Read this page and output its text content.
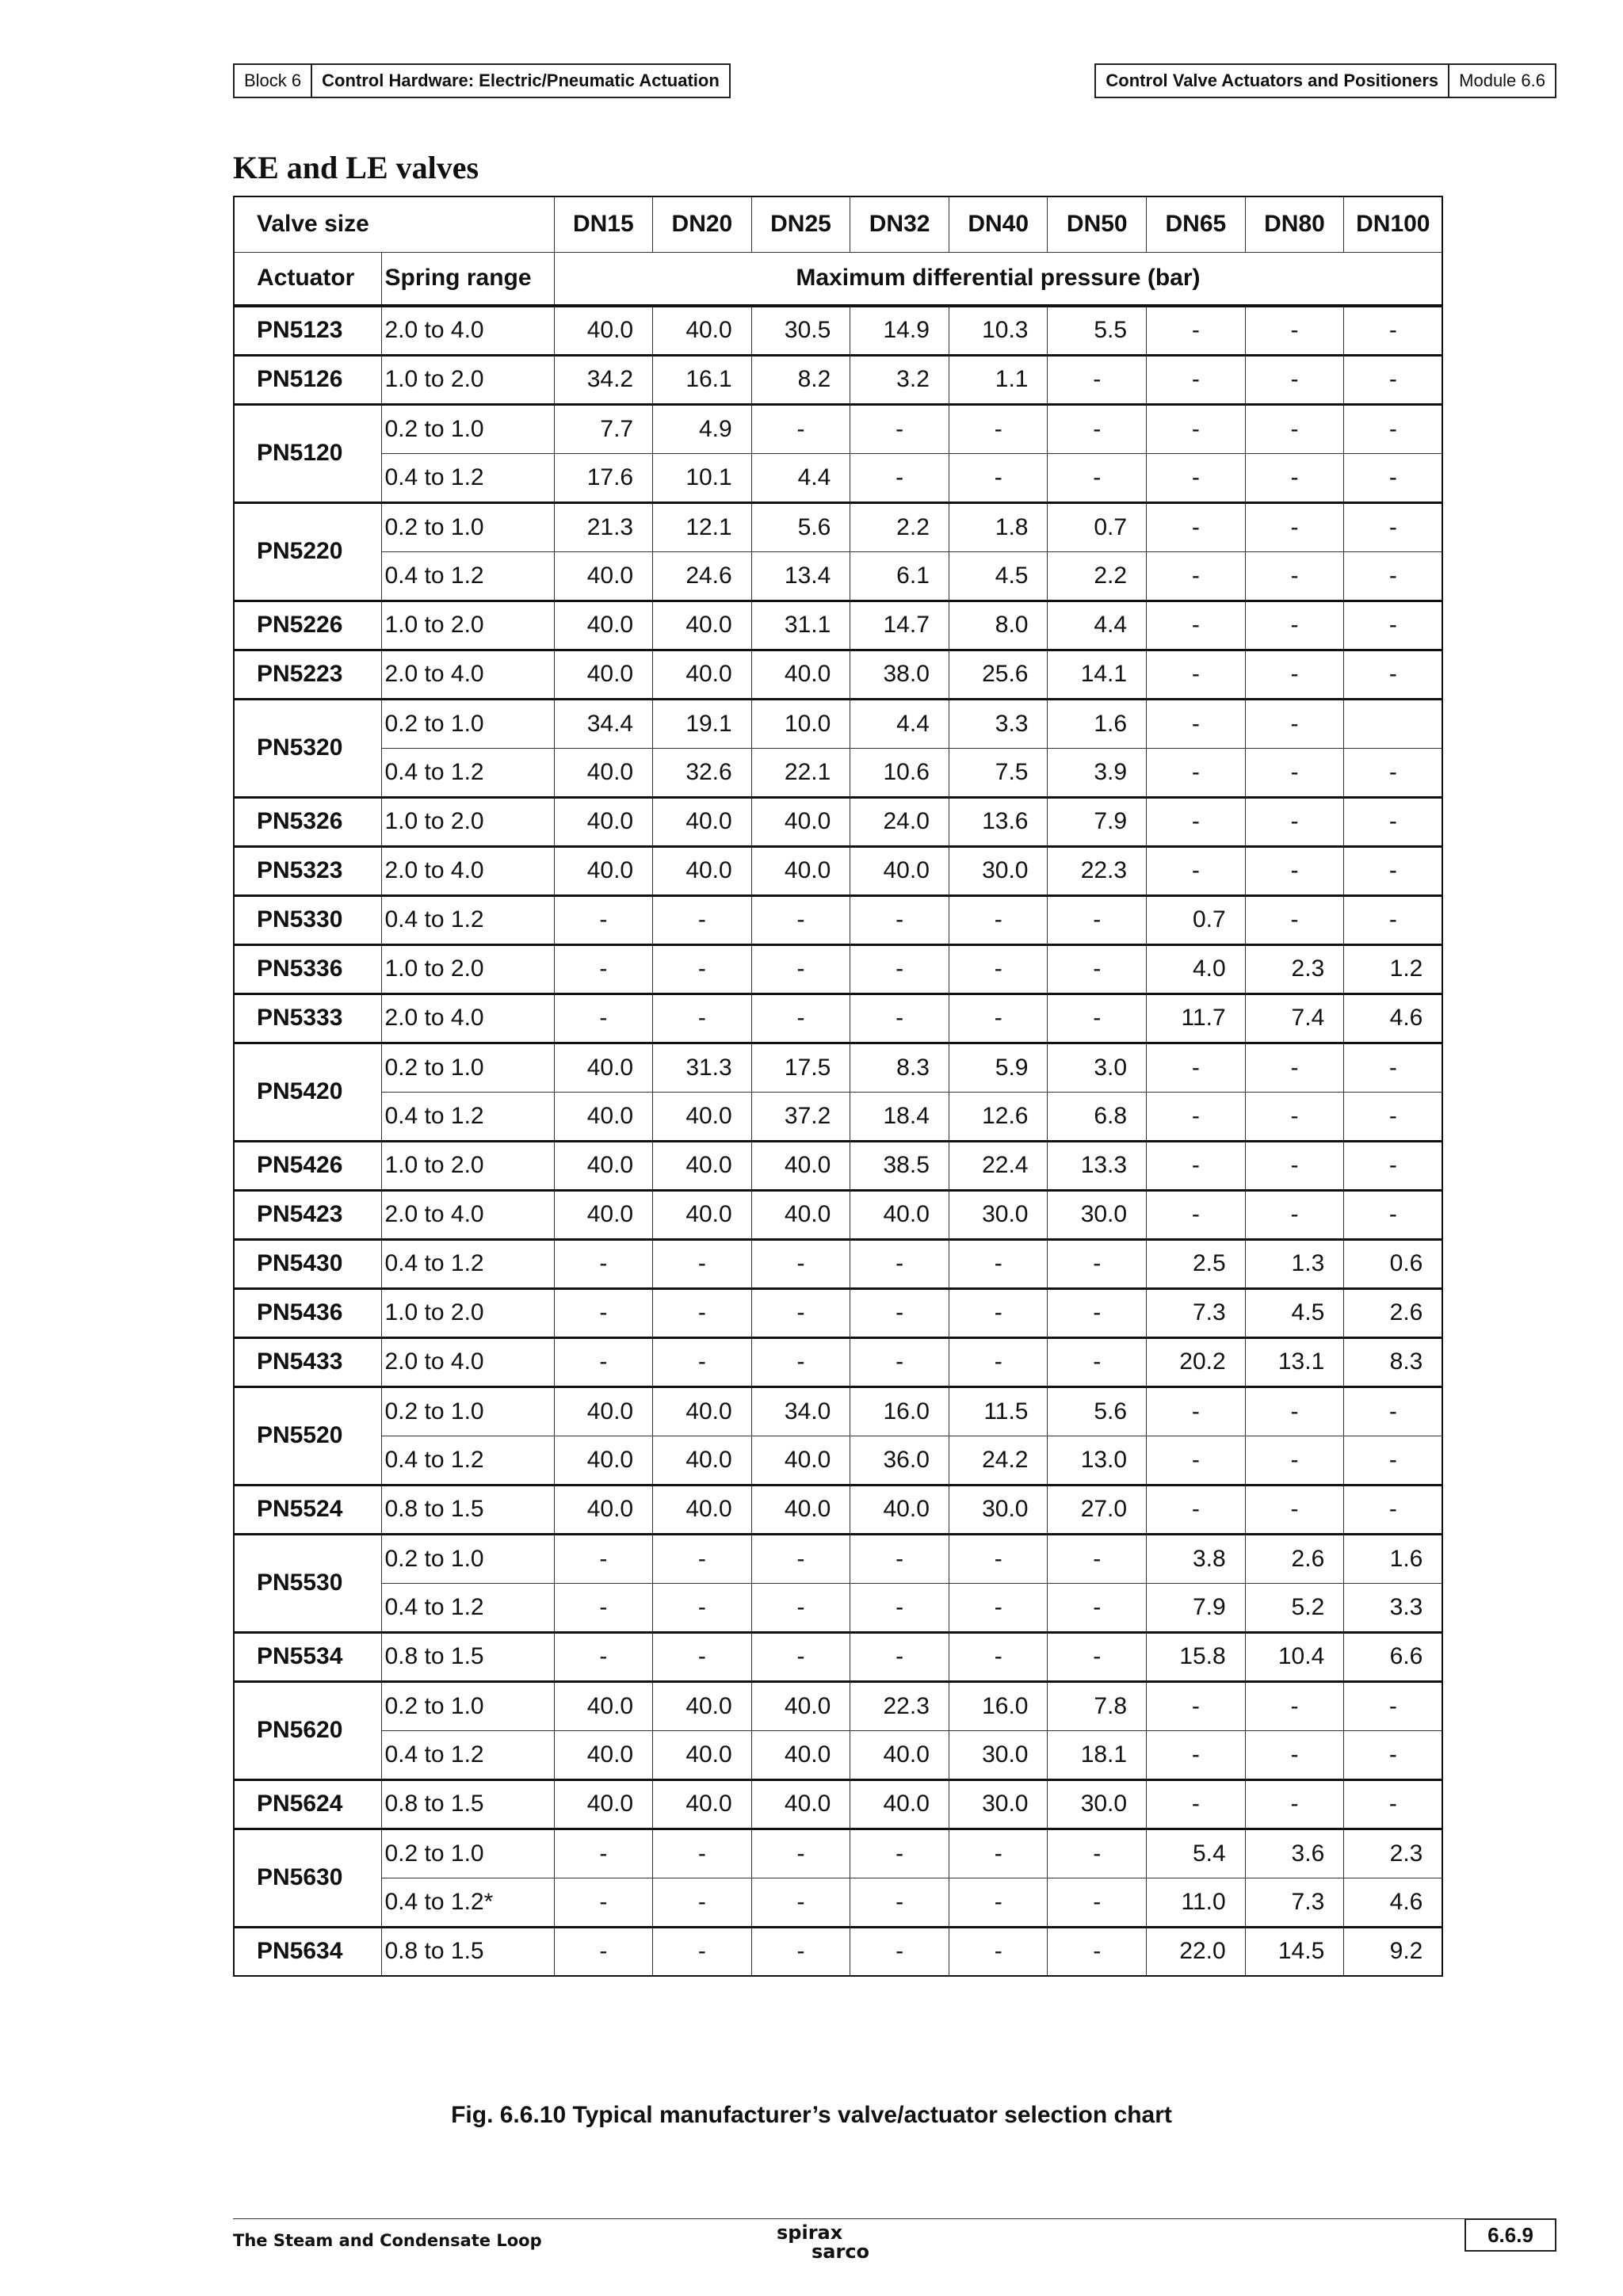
Block 6	Control Hardware: Electric/Pneumatic Actuation	Control Valve Actuators and Positioners	Module 6.6
KE and LE valves
Valve size		DN15	DN20	DN25	DN32	DN40	DN50	DN65	DN80	DN100
Actuator	Spring range	Maximum differential pressure (bar)								
PN5123	2.0 to 4.0	40.0	40.0	30.5	14.9	10.3	5.5	-	-	-
PN5126	1.0 to 2.0	34.2	16.1	8.2	3.2	1.1	-	-	-	-
PN5120	0.2 to 1.0	7.7	4.9	-	-	-	-	-	-	-
	0.4 to 1.2	17.6	10.1	4.4	-	-	-	-	-	-
PN5220	0.2 to 1.0	21.3	12.1	5.6	2.2	1.8	0.7	-	-	-
	0.4 to 1.2	40.0	24.6	13.4	6.1	4.5	2.2	-	-	-
PN5226	1.0 to 2.0	40.0	40.0	31.1	14.7	8.0	4.4	-	-	-
PN5223	2.0 to 4.0	40.0	40.0	40.0	38.0	25.6	14.1	-	-	-
PN5320	0.2 to 1.0	34.4	19.1	10.0	4.4	3.3	1.6	-	-	
	0.4 to 1.2	40.0	32.6	22.1	10.6	7.5	3.9	-	-	-
PN5326	1.0 to 2.0	40.0	40.0	40.0	24.0	13.6	7.9	-	-	-
PN5323	2.0 to 4.0	40.0	40.0	40.0	40.0	30.0	22.3	-	-	-
PN5330	0.4 to 1.2	-	-	-	-	-	-	0.7	-	-
PN5336	1.0 to 2.0	-	-	-	-	-	-	4.0	2.3	1.2
PN5333	2.0 to 4.0	-	-	-	-	-	-	11.7	7.4	4.6
PN5420	0.2 to 1.0	40.0	31.3	17.5	8.3	5.9	3.0	-	-	-
	0.4 to 1.2	40.0	40.0	37.2	18.4	12.6	6.8	-	-	-
PN5426	1.0 to 2.0	40.0	40.0	40.0	38.5	22.4	13.3	-	-	-
PN5423	2.0 to 4.0	40.0	40.0	40.0	40.0	30.0	30.0	-	-	-
PN5430	0.4 to 1.2	-	-	-	-	-	-	2.5	1.3	0.6
PN5436	1.0 to 2.0	-	-	-	-	-	-	7.3	4.5	2.6
PN5433	2.0 to 4.0	-	-	-	-	-	-	20.2	13.1	8.3
PN5520	0.2 to 1.0	40.0	40.0	34.0	16.0	11.5	5.6	-	-	-
	0.4 to 1.2	40.0	40.0	40.0	36.0	24.2	13.0	-	-	-
PN5524	0.8 to 1.5	40.0	40.0	40.0	40.0	30.0	27.0	-	-	-
PN5530	0.2 to 1.0	-	-	-	-	-	-	3.8	2.6	1.6
	0.4 to 1.2	-	-	-	-	-	-	7.9	5.2	3.3
PN5534	0.8 to 1.5	-	-	-	-	-	-	15.8	10.4	6.6
PN5620	0.2 to 1.0	40.0	40.0	40.0	22.3	16.0	7.8	-	-	-
	0.4 to 1.2	40.0	40.0	40.0	40.0	30.0	18.1	-	-	-
PN5624	0.8 to 1.5	40.0	40.0	40.0	40.0	30.0	30.0	-	-	-
PN5630	0.2 to 1.0	-	-	-	-	-	-	5.4	3.6	2.3
	0.4 to 1.2*	-	-	-	-	-	-	11.0	7.3	4.6
PN5634	0.8 to 1.5	-	-	-	-	-	-	22.0	14.5	9.2
Fig. 6.6.10 Typical manufacturer’s valve/actuator selection chart
The Steam and Condensate Loop	spirax
sarco
6.6.9
